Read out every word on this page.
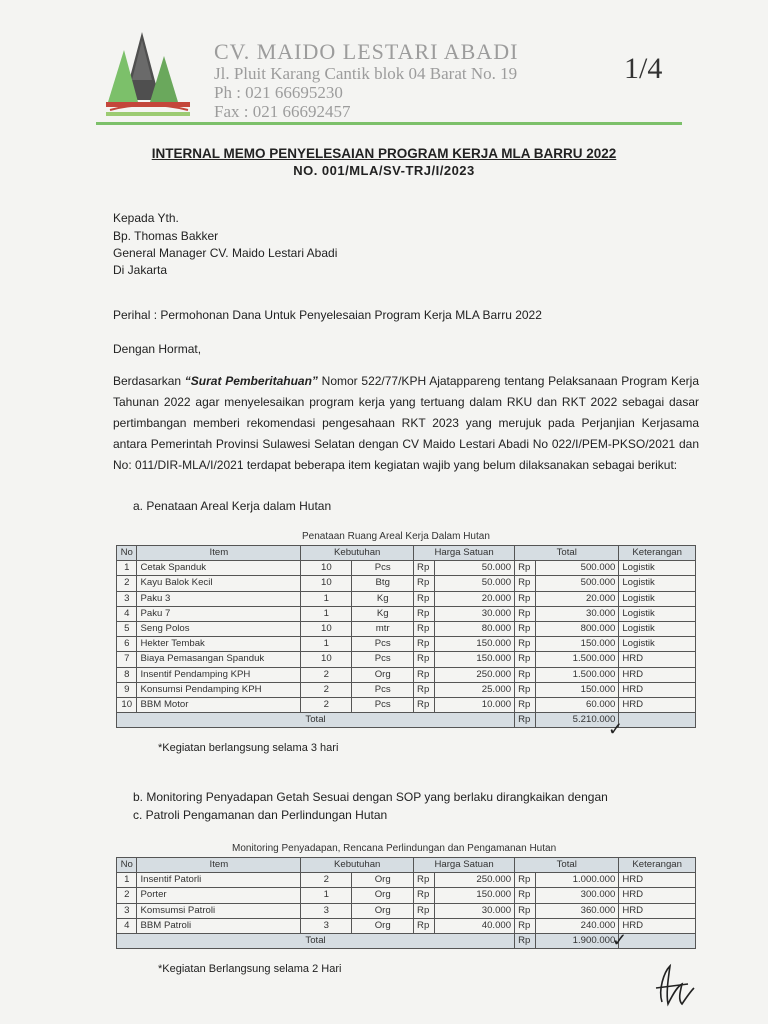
CV. MAIDO LESTARI ABADI
Jl. Pluit Karang Cantik blok 04 Barat No. 19
Ph : 021 66695230
Fax : 021 66692457
1/4
INTERNAL MEMO PENYELESAIAN PROGRAM KERJA MLA BARRU 2022
NO. 001/MLA/SV-TRJ/I/2023
Kepada Yth.
Bp. Thomas Bakker
General Manager CV. Maido Lestari Abadi
Di Jakarta
Perihal : Permohonan Dana Untuk Penyelesaian Program Kerja MLA Barru 2022
Dengan Hormat,
Berdasarkan “Surat Pemberitahuan” Nomor 522/77/KPH Ajatappareng tentang Pelaksanaan Program Kerja Tahunan 2022 agar menyelesaikan program kerja yang tertuang dalam RKU dan RKT 2022 sebagai dasar pertimbangan memberi rekomendasi pengesahaan RKT 2023 yang merujuk pada Perjanjian Kerjasama antara Pemerintah Provinsi Sulawesi Selatan dengan CV Maido Lestari Abadi No 022/I/PEM-PKSO/2021 dan No: 011/DIR-MLA/I/2021 terdapat beberapa item kegiatan wajib yang belum dilaksanakan sebagai berikut:
a. Penataan Areal Kerja dalam Hutan
Penataan Ruang Areal Kerja Dalam Hutan
No	Item	Kebutuhan		Harga Satuan		Total		Keterangan
1	Cetak Spanduk	10	Pcs	Rp	50.000	Rp	500.000	Logistik
2	Kayu Balok Kecil	10	Btg	Rp	50.000	Rp	500.000	Logistik
3	Paku 3	1	Kg	Rp	20.000	Rp	20.000	Logistik
4	Paku 7	1	Kg	Rp	30.000	Rp	30.000	Logistik
5	Seng Polos	10	mtr	Rp	80.000	Rp	800.000	Logistik
6	Hekter Tembak	1	Pcs	Rp	150.000	Rp	150.000	Logistik
7	Biaya Pemasangan Spanduk	10	Pcs	Rp	150.000	Rp	1.500.000	HRD
8	Insentif Pendamping KPH	2	Org	Rp	250.000	Rp	1.500.000	HRD
9	Konsumsi Pendamping KPH	2	Pcs	Rp	25.000	Rp	150.000	HRD
10	BBM Motor	2	Pcs	Rp	10.000	Rp	60.000	HRD
Total						Rp	5.210.000	
✓
*Kegiatan berlangsung selama 3 hari
b. Monitoring Penyadapan Getah Sesuai dengan SOP yang berlaku dirangkaikan dengan
c. Patroli Pengamanan dan Perlindungan Hutan
Monitoring Penyadapan, Rencana Perlindungan dan Pengamanan Hutan
No	Item	Kebutuhan		Harga Satuan		Total		Keterangan
1	Insentif Patorli	2	Org	Rp	250.000	Rp	1.000.000	HRD
2	Porter	1	Org	Rp	150.000	Rp	300.000	HRD
3	Komsumsi Patroli	3	Org	Rp	30.000	Rp	360.000	HRD
4	BBM Patroli	3	Org	Rp	40.000	Rp	240.000	HRD
Total						Rp	1.900.000	
✓
*Kegiatan Berlangsung selama 2 Hari
